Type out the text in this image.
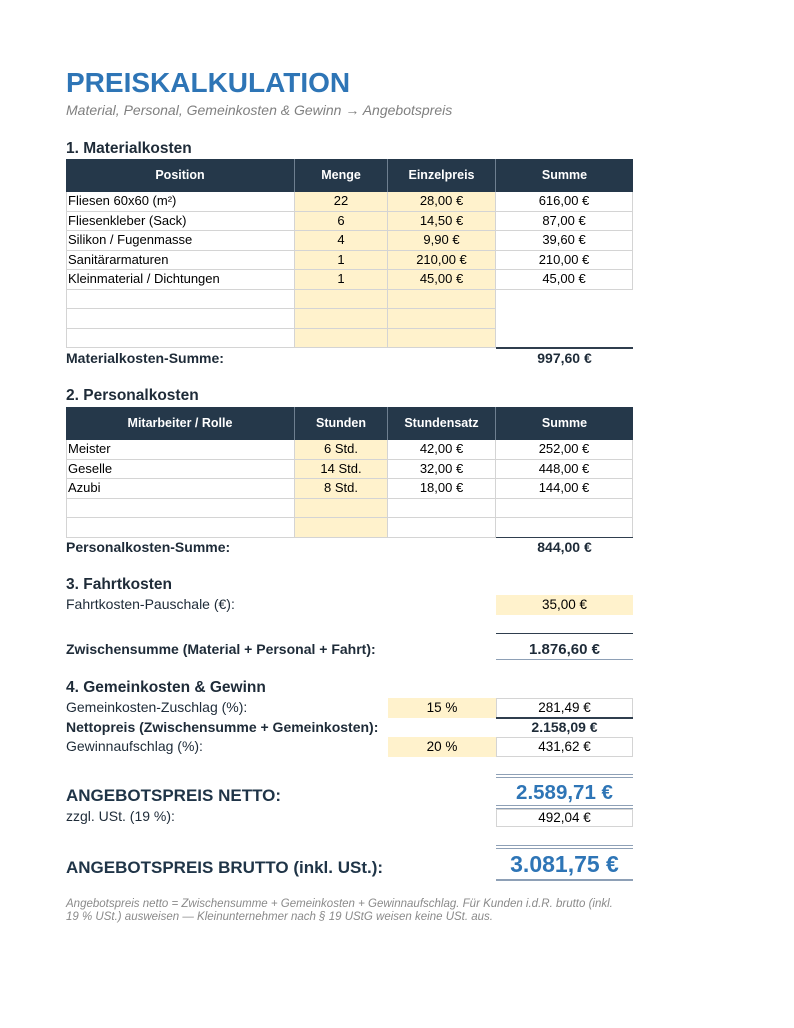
PREISKALKULATION
Material, Personal, Gemeinkosten & Gewinn → Angebotspreis
1. Materialkosten
Position	Menge	Einzelpreis	Summe
Fliesen 60x60 (m²)	22	28,00 €	616,00 €
Fliesenkleber (Sack)	6	14,50 €	87,00 €
Silikon / Fugenmasse	4	9,90 €	39,60 €
Sanitärarmaturen	1	210,00 €	210,00 €
Kleinmaterial / Dichtungen	1	45,00 €	45,00 €
Materialkosten-Summe:	997,60 €
2. Personalkosten
Mitarbeiter / Rolle	Stunden	Stundensatz	Summe
Meister	6 Std.	42,00 €	252,00 €
Geselle	14 Std.	32,00 €	448,00 €
Azubi	8 Std.	18,00 €	144,00 €
Personalkosten-Summe:	844,00 €
3. Fahrtkosten
Fahrtkosten-Pauschale (€):	35,00 €
Zwischensumme (Material + Personal + Fahrt):	1.876,60 €
4. Gemeinkosten & Gewinn
Gemeinkosten-Zuschlag (%):	15 %	281,49 €
Nettopreis (Zwischensumme + Gemeinkosten):	2.158,09 €
Gewinnaufschlag (%):	20 %	431,62 €
ANGEBOTSPREIS NETTO:	2.589,71 €
zzgl. USt. (19 %):	492,04 €
ANGEBOTSPREIS BRUTTO (inkl. USt.):	3.081,75 €
Angebotspreis netto = Zwischensumme + Gemeinkosten + Gewinnaufschlag. Für Kunden i.d.R. brutto (inkl. 19 % USt.) ausweisen — Kleinunternehmer nach § 19 UStG weisen keine USt. aus.
